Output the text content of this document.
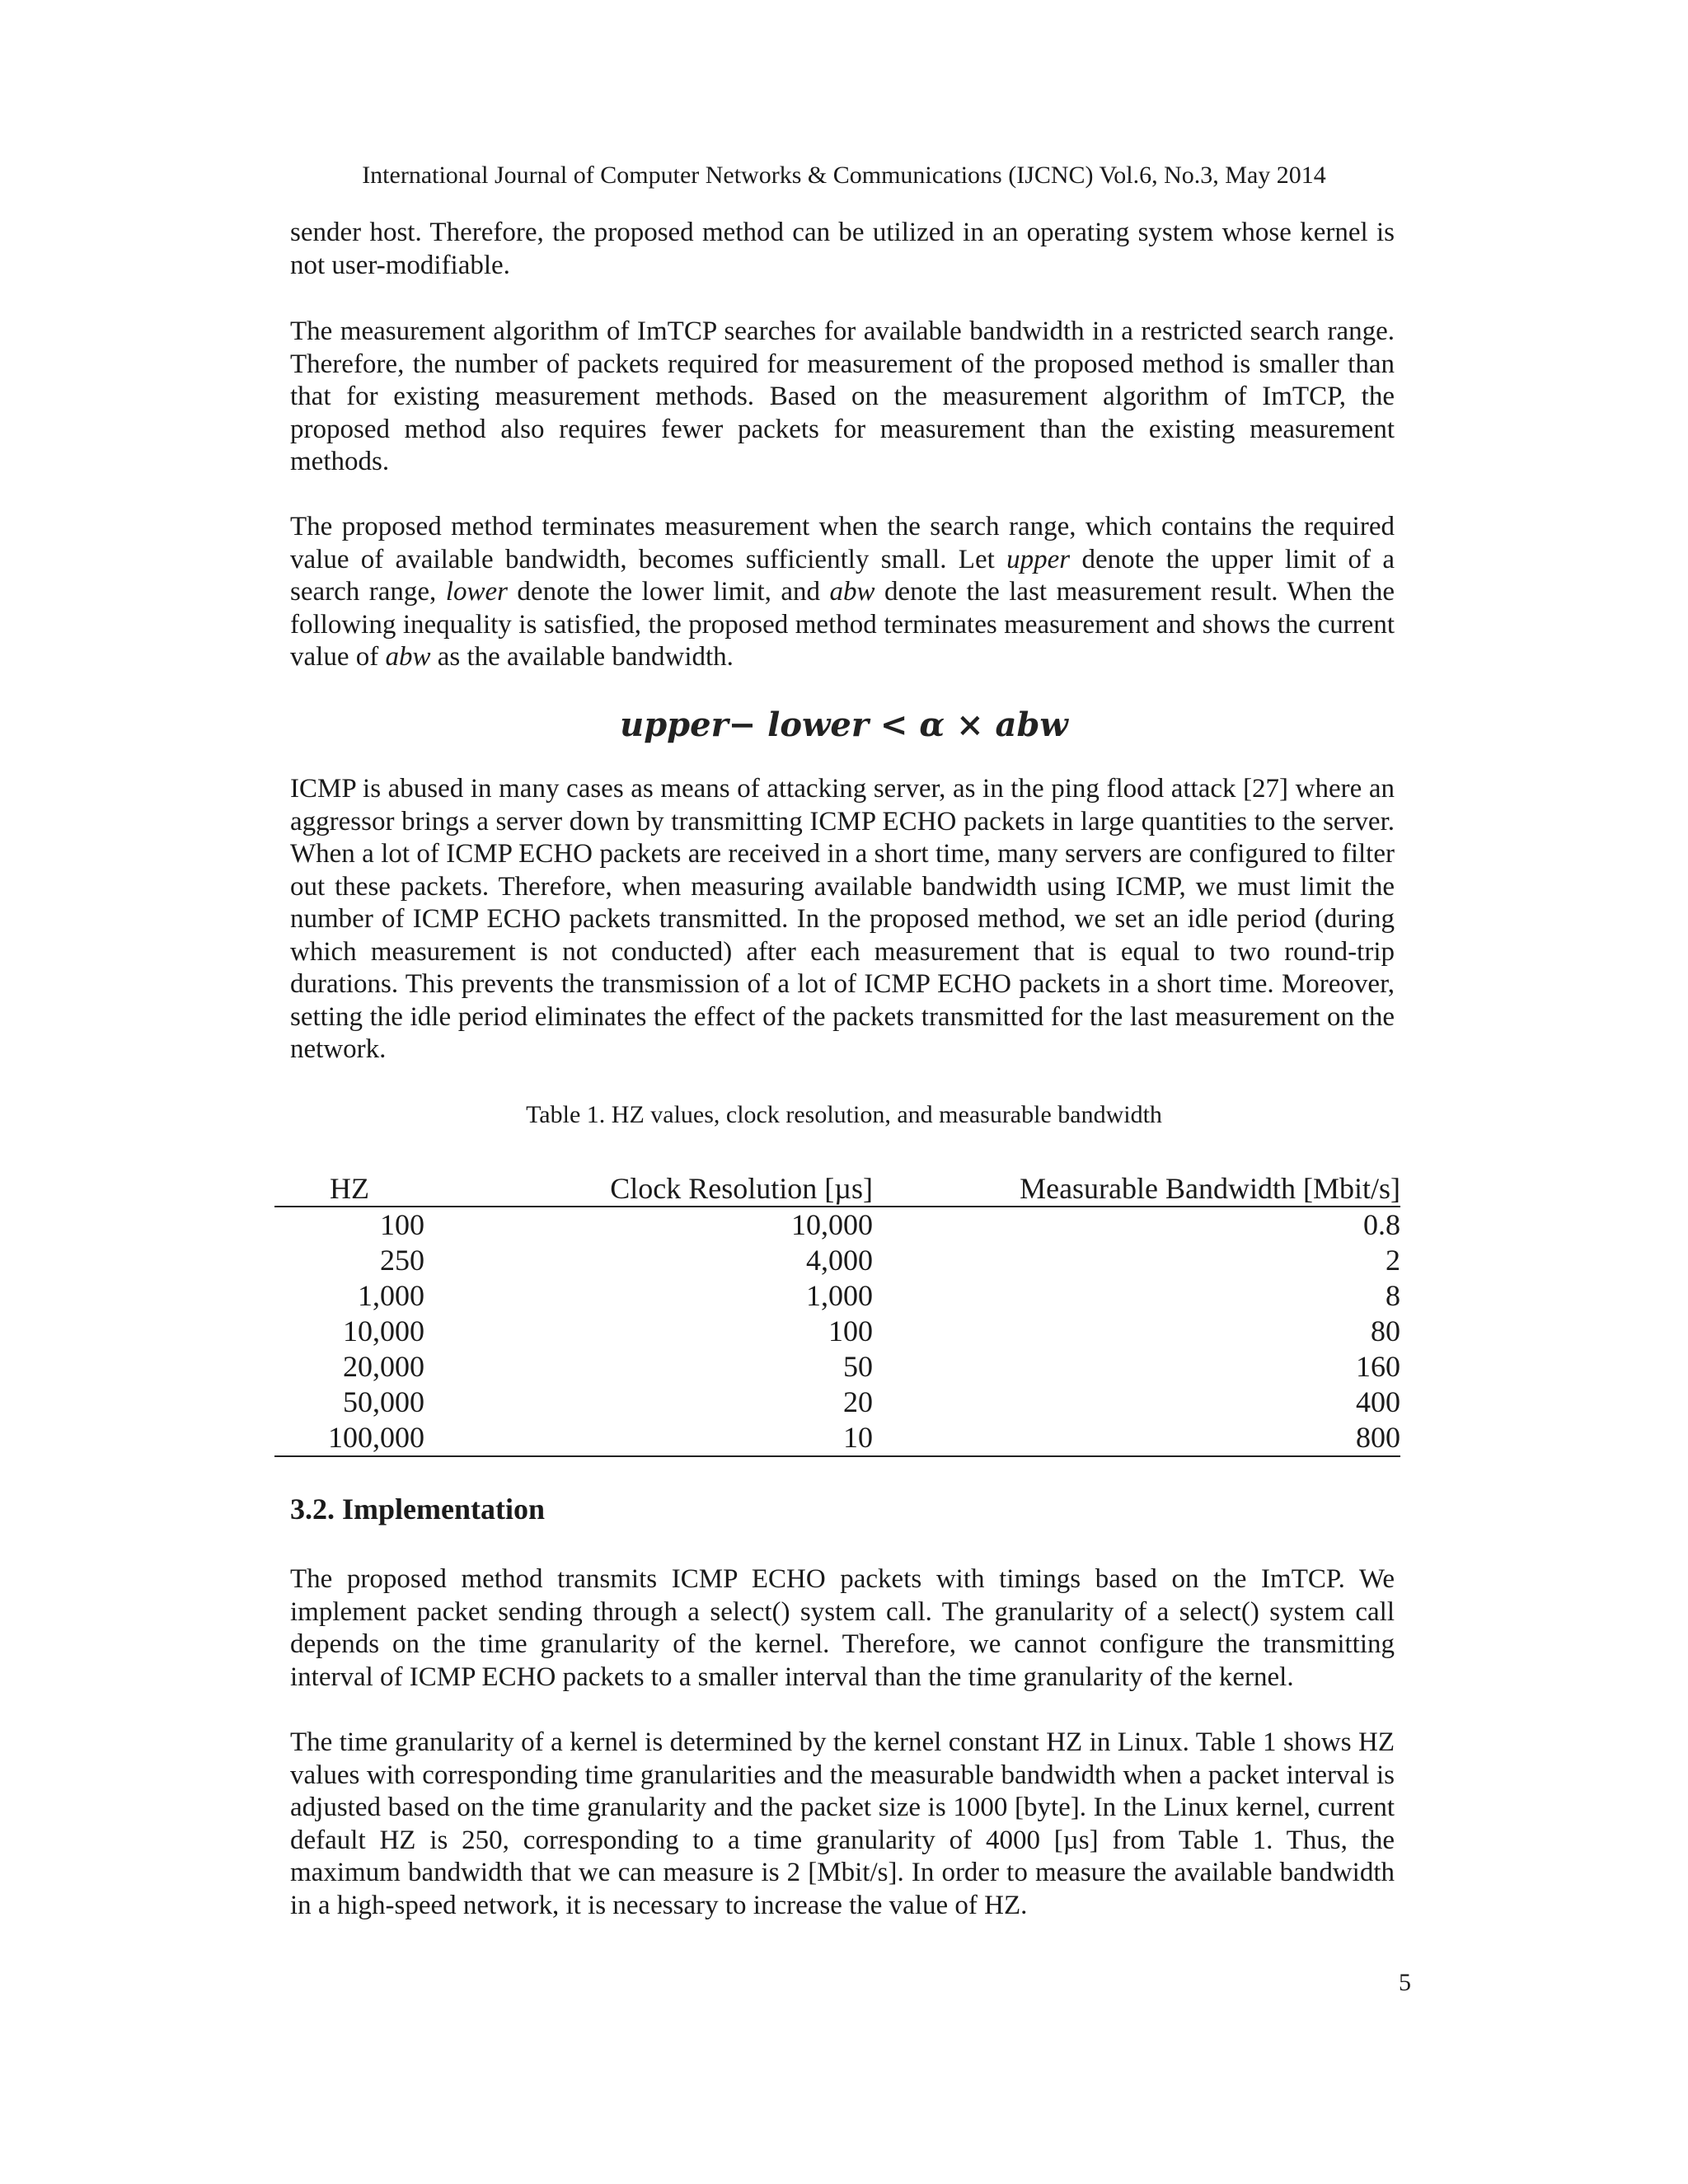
International Journal of Computer Networks & Communications (IJCNC) Vol.6, No.3, May 2014

sender host. Therefore, the proposed method can be utilized in an operating system whose kernel is not user-modifiable.

The measurement algorithm of ImTCP searches for available bandwidth in a restricted search range. Therefore, the number of packets required for measurement of the proposed method is smaller than that for existing measurement methods. Based on the measurement algorithm of ImTCP, the proposed method also requires fewer packets for measurement than the existing measurement methods.

The proposed method terminates measurement when the search range, which contains the required value of available bandwidth, becomes sufficiently small. Let upper denote the upper limit of a search range, lower denote the lower limit, and abw denote the last measurement result. When the following inequality is satisfied, the proposed method terminates measurement and shows the current value of abw as the available bandwidth.

upper− lower < α × abw

ICMP is abused in many cases as means of attacking server, as in the ping flood attack [27] where an aggressor brings a server down by transmitting ICMP ECHO packets in large quantities to the server. When a lot of ICMP ECHO packets are received in a short time, many servers are configured to filter out these packets. Therefore, when measuring available bandwidth using ICMP, we must limit the number of ICMP ECHO packets transmitted. In the proposed method, we set an idle period (during which measurement is not conducted) after each measurement that is equal to two round-trip durations. This prevents the transmission of a lot of ICMP ECHO packets in a short time. Moreover, setting the idle period eliminates the effect of the packets transmitted for the last measurement on the network.

Table 1. HZ values, clock resolution, and measurable bandwidth
HZ	Clock Resolution [µs]	Measurable Bandwidth [Mbit/s]
100	10,000	0.8
250	4,000	2
1,000	1,000	8
10,000	100	80
20,000	50	160
50,000	20	400
100,000	10	800
3.2. Implementation

The proposed method transmits ICMP ECHO packets with timings based on the ImTCP. We implement packet sending through a select() system call. The granularity of a select() system call depends on the time granularity of the kernel. Therefore, we cannot configure the transmitting interval of ICMP ECHO packets to a smaller interval than the time granularity of the kernel.

The time granularity of a kernel is determined by the kernel constant HZ in Linux. Table 1 shows HZ values with corresponding time granularities and the measurable bandwidth when a packet interval is adjusted based on the time granularity and the packet size is 1000 [byte]. In the Linux kernel, current default HZ is 250, corresponding to a time granularity of 4000 [µs] from Table 1. Thus, the maximum bandwidth that we can measure is 2 [Mbit/s]. In order to measure the available bandwidth in a high-speed network, it is necessary to increase the value of HZ.

5
